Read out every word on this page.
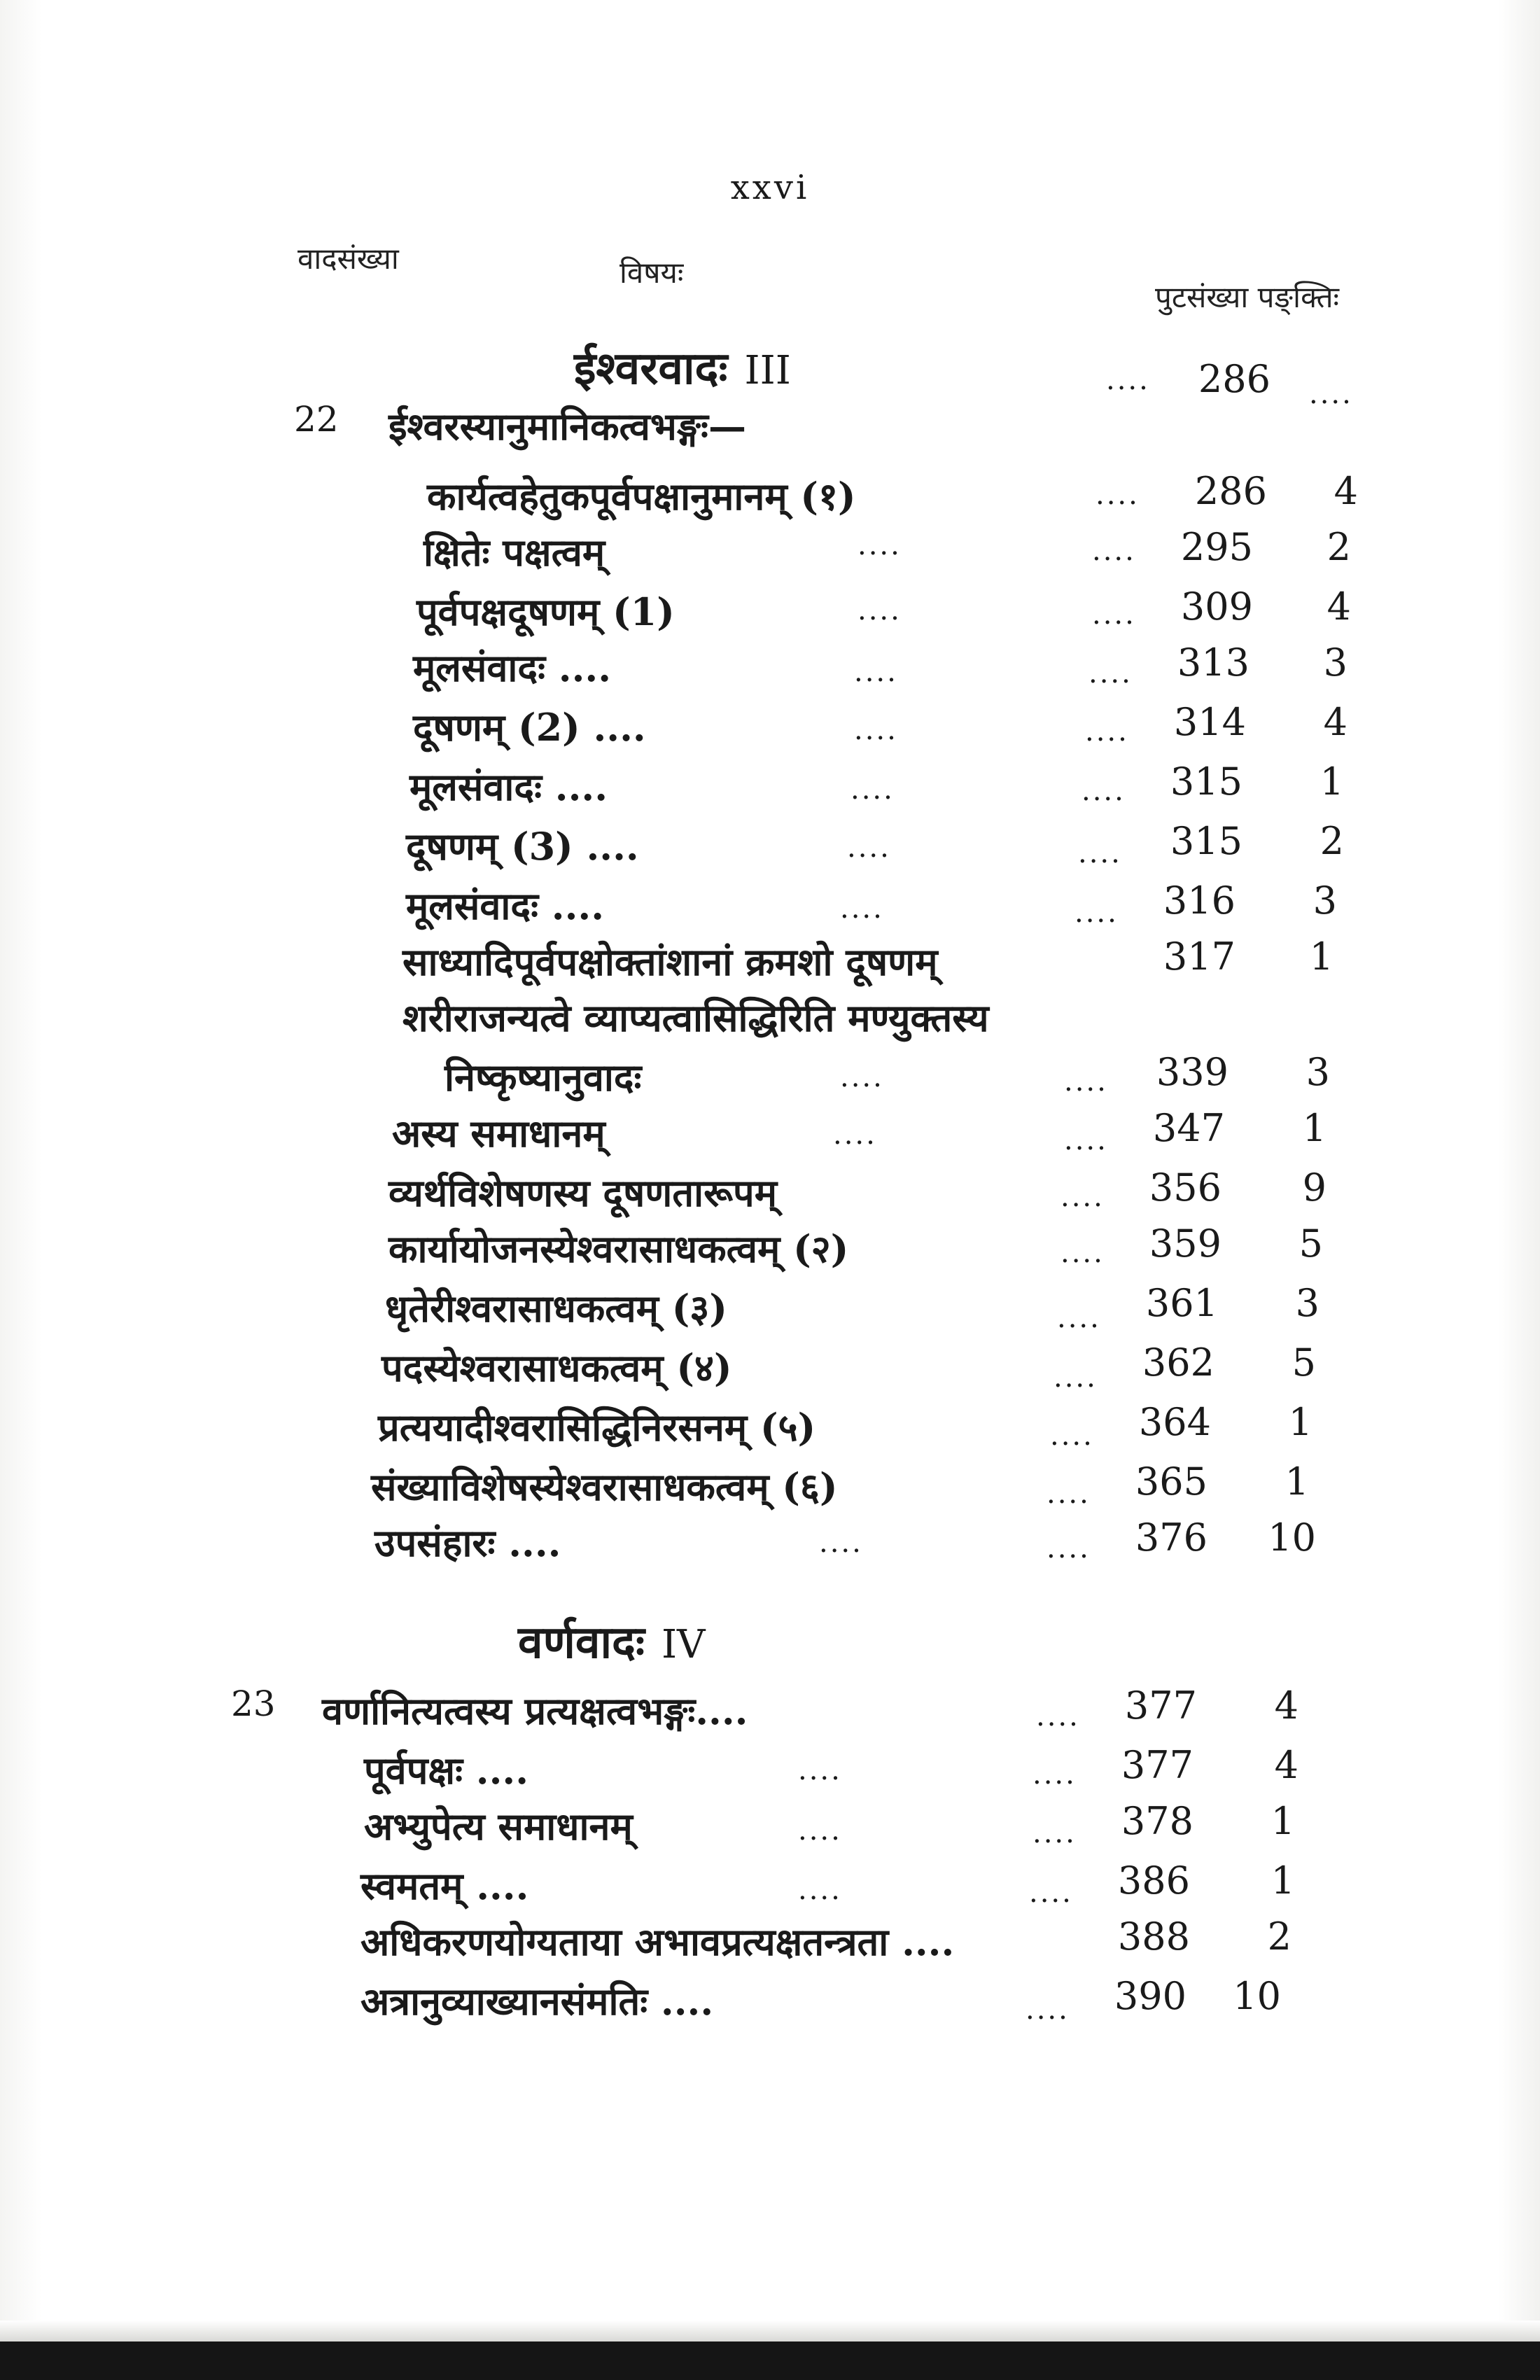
xxvi
वादसंख्या	विषयः
पुटसंख्या पङ्क्तिः
ईश्वरवादः III	....	286 ....
22 ईश्वरस्यानुमानिकत्वभङ्गः—
कार्यत्वहेतुकपूर्वपक्षानुमानम् (१)	....	286	4
क्षितेः पक्षत्वम्	....	....	295	2
पूर्वपक्षदूषणम् (1)	....	....	309	4
मूलसंवादः ....	....	....	313	3
दूषणम् (2) ....	....	....	314	4
मूलसंवादः ....	....	....	315	1
दूषणम् (3) ....	....	....	315	2
मूलसंवादः ....	....	....	316	3
साध्यादिपूर्वपक्षोक्तांशानां क्रमशो दूषणम्	317	1
शरीराजन्यत्वे व्याप्यत्वासिद्धिरिति मण्युक्तस्य
निष्कृष्यानुवादः	....	....	339	3
अस्य समाधानम्	....	....	347	1
व्यर्थविशेषणस्य दूषणतारूपम्	....	356	9
कार्यायोजनस्येश्वरासाधकत्वम् (२)	....	359	5
धृतेरीश्वरासाधकत्वम् (३)	....	361	3
पदस्येश्वरासाधकत्वम् (४)	....	362	5
प्रत्ययादीश्वरासिद्धिनिरसनम् (५)	....	364	1
संख्याविशेषस्येश्वरासाधकत्वम् (६)	....	365	1
उपसंहारः ....	....	....	376	10
वर्णवादः IV
23 वर्णानित्यत्वस्य प्रत्यक्षत्वभङ्गः....	....	377	4
पूर्वपक्षः ....	....	....	377	4
अभ्युपेत्य समाधानम्	....	....	378	1
स्वमतम् ....	....	....	386	1
अधिकरणयोग्यताया अभावप्रत्यक्षतन्त्रता ....	388	2
अत्रानुव्याख्यानसंमतिः ....	....	390	10
